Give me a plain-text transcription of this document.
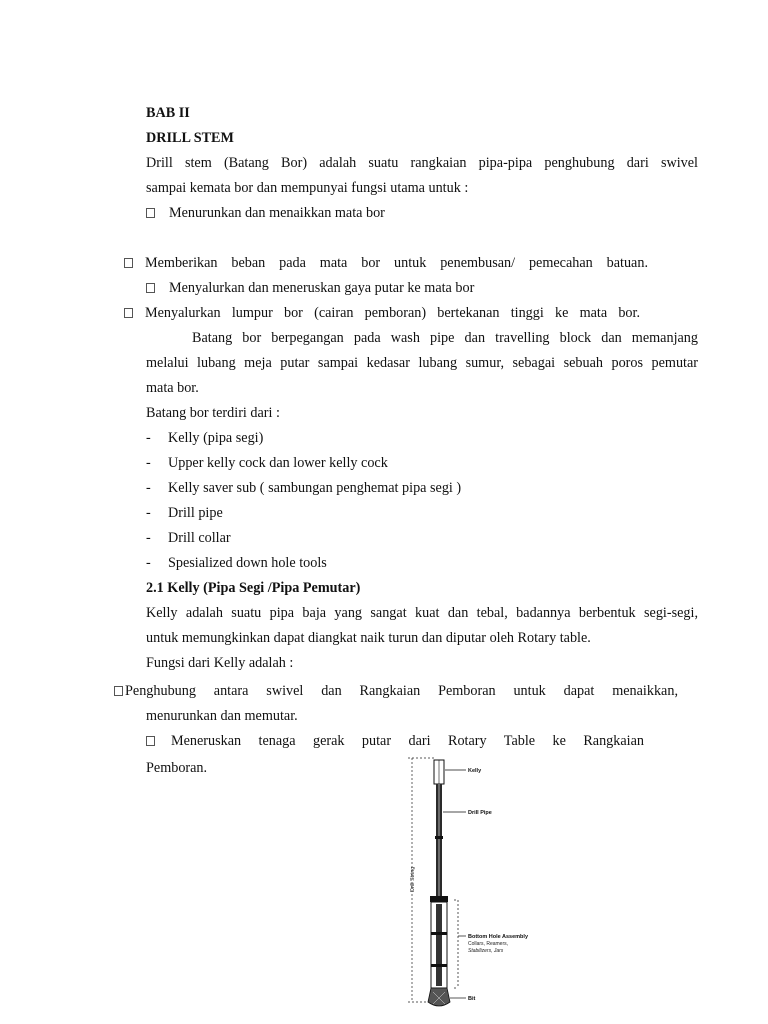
BAB II
DRILL STEM
Drill stem (Batang Bor) adalah suatu rangkaian pipa-pipa penghubung dari swivel
sampai kemata bor dan mempunyai fungsi utama untuk :
Menurunkan dan menaikkan mata bor
Memberikan beban pada mata bor untuk penembusan/ pemecahan batuan.
Menyalurkan dan meneruskan gaya putar ke mata bor
Menyalurkan lumpur bor (cairan pemboran) bertekanan tinggi ke mata bor.
Batang bor berpegangan pada wash pipe dan travelling block dan memanjang
melalui lubang meja putar sampai kedasar lubang sumur, sebagai sebuah poros pemutar
mata bor.
Batang bor terdiri dari :
- Kelly (pipa segi)
- Upper kelly cock dan lower kelly cock
- Kelly saver sub ( sambungan penghemat pipa segi )
- Drill pipe
- Drill collar
- Spesialized down hole tools
2.1 Kelly (Pipa Segi /Pipa Pemutar)
Kelly adalah suatu pipa baja yang sangat kuat dan tebal, badannya berbentuk segi-segi,
untuk memungkinkan dapat diangkat naik turun dan diputar oleh Rotary table.
Fungsi dari Kelly adalah :
Penghubung antara swivel dan Rangkaian Pemboran untuk dapat menaikkan,
menurunkan dan memutar.
Meneruskan tenaga gerak putar dari Rotary Table ke Rangkaian
Pemboran.
Drill String
Kelly
Drill Pipe
Bottom Hole Assembly
Collars, Reamers,
Stabilizers, Jars
Bit
